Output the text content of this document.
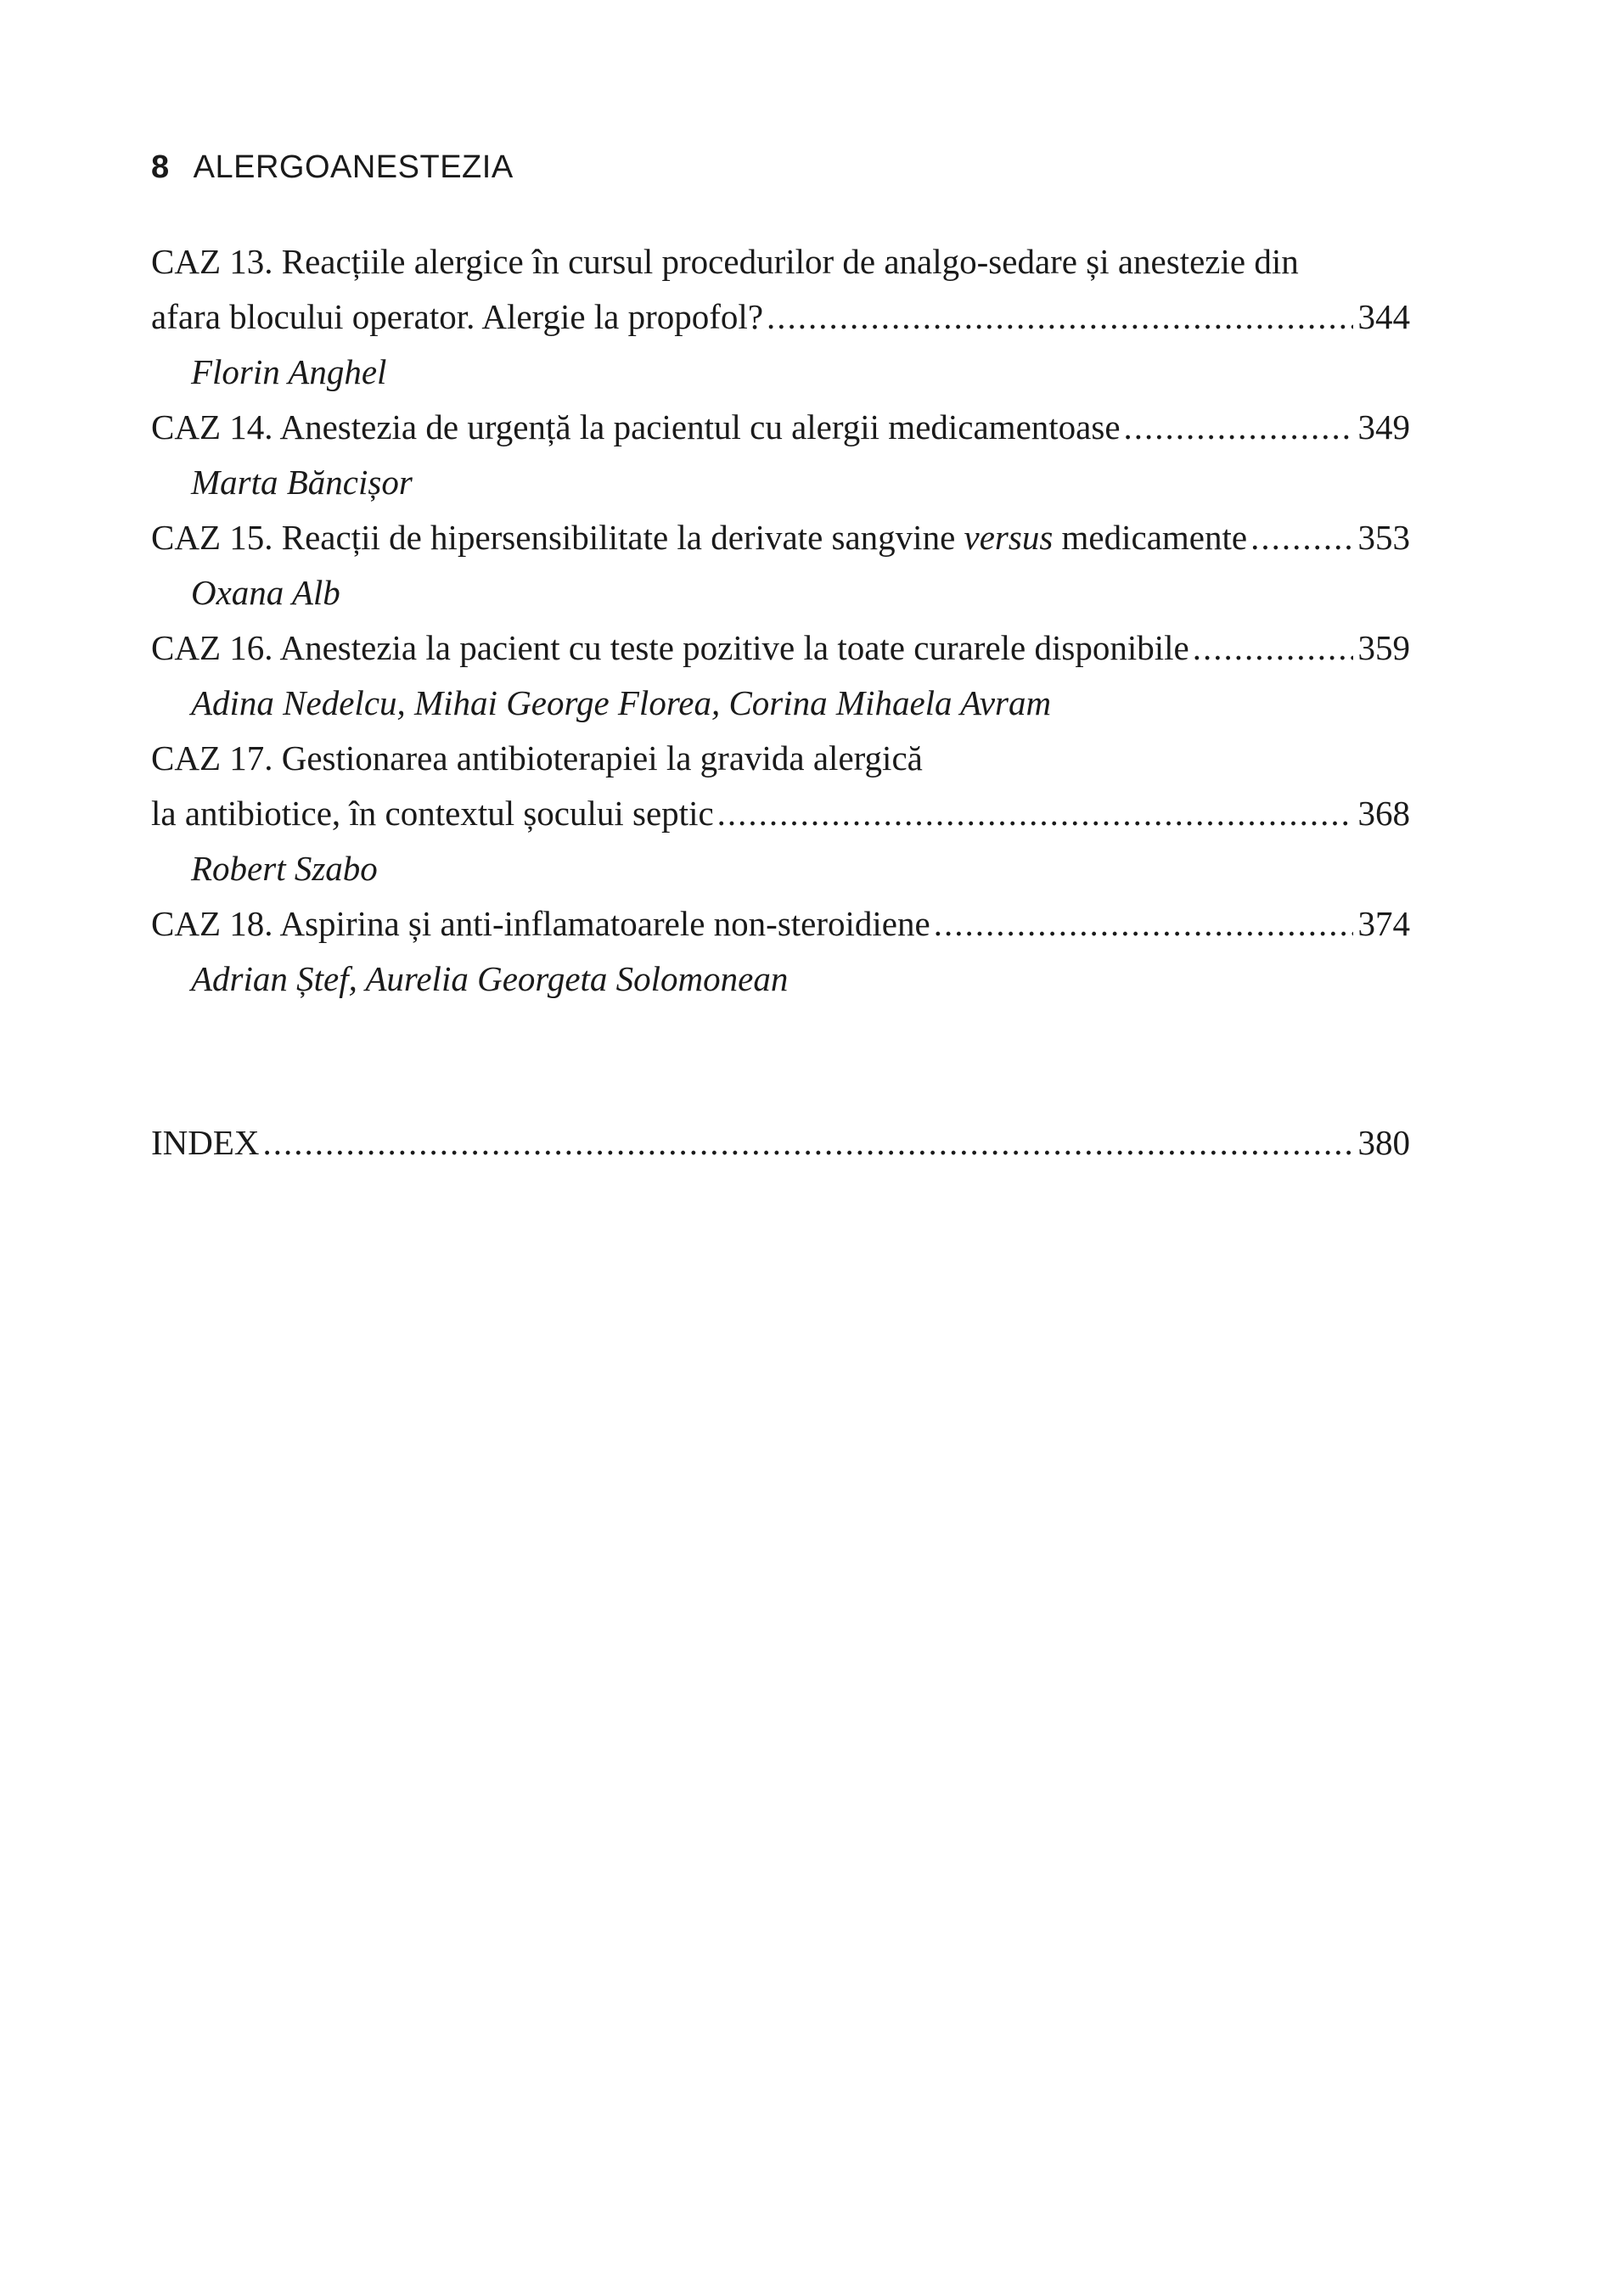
8 ALERGOANESTEZIA
CAZ 13. Reacțiile alergice în cursul procedurilor de analgo-sedare și anestezie din
afara blocului operator. Alergie la propofol? .....	344
Florin Anghel
CAZ 14. Anestezia de urgență la pacientul cu alergii medicamentoase .....	349
Marta Băncișor
CAZ 15. Reacții de hipersensibilitate la derivate sangvine versus medicamente .....	353
Oxana Alb
CAZ 16. Anestezia la pacient cu teste pozitive la toate curarele disponibile .....	359
Adina Nedelcu, Mihai George Florea, Corina Mihaela Avram
CAZ 17. Gestionarea antibioterapiei la gravida alergică
la antibiotice, în contextul șocului septic .....	368
Robert Szabo
CAZ 18. Aspirina și anti-inflamatoarele non-steroidiene .....	374
Adrian Ștef, Aurelia Georgeta Solomonean
INDEX .....	380
